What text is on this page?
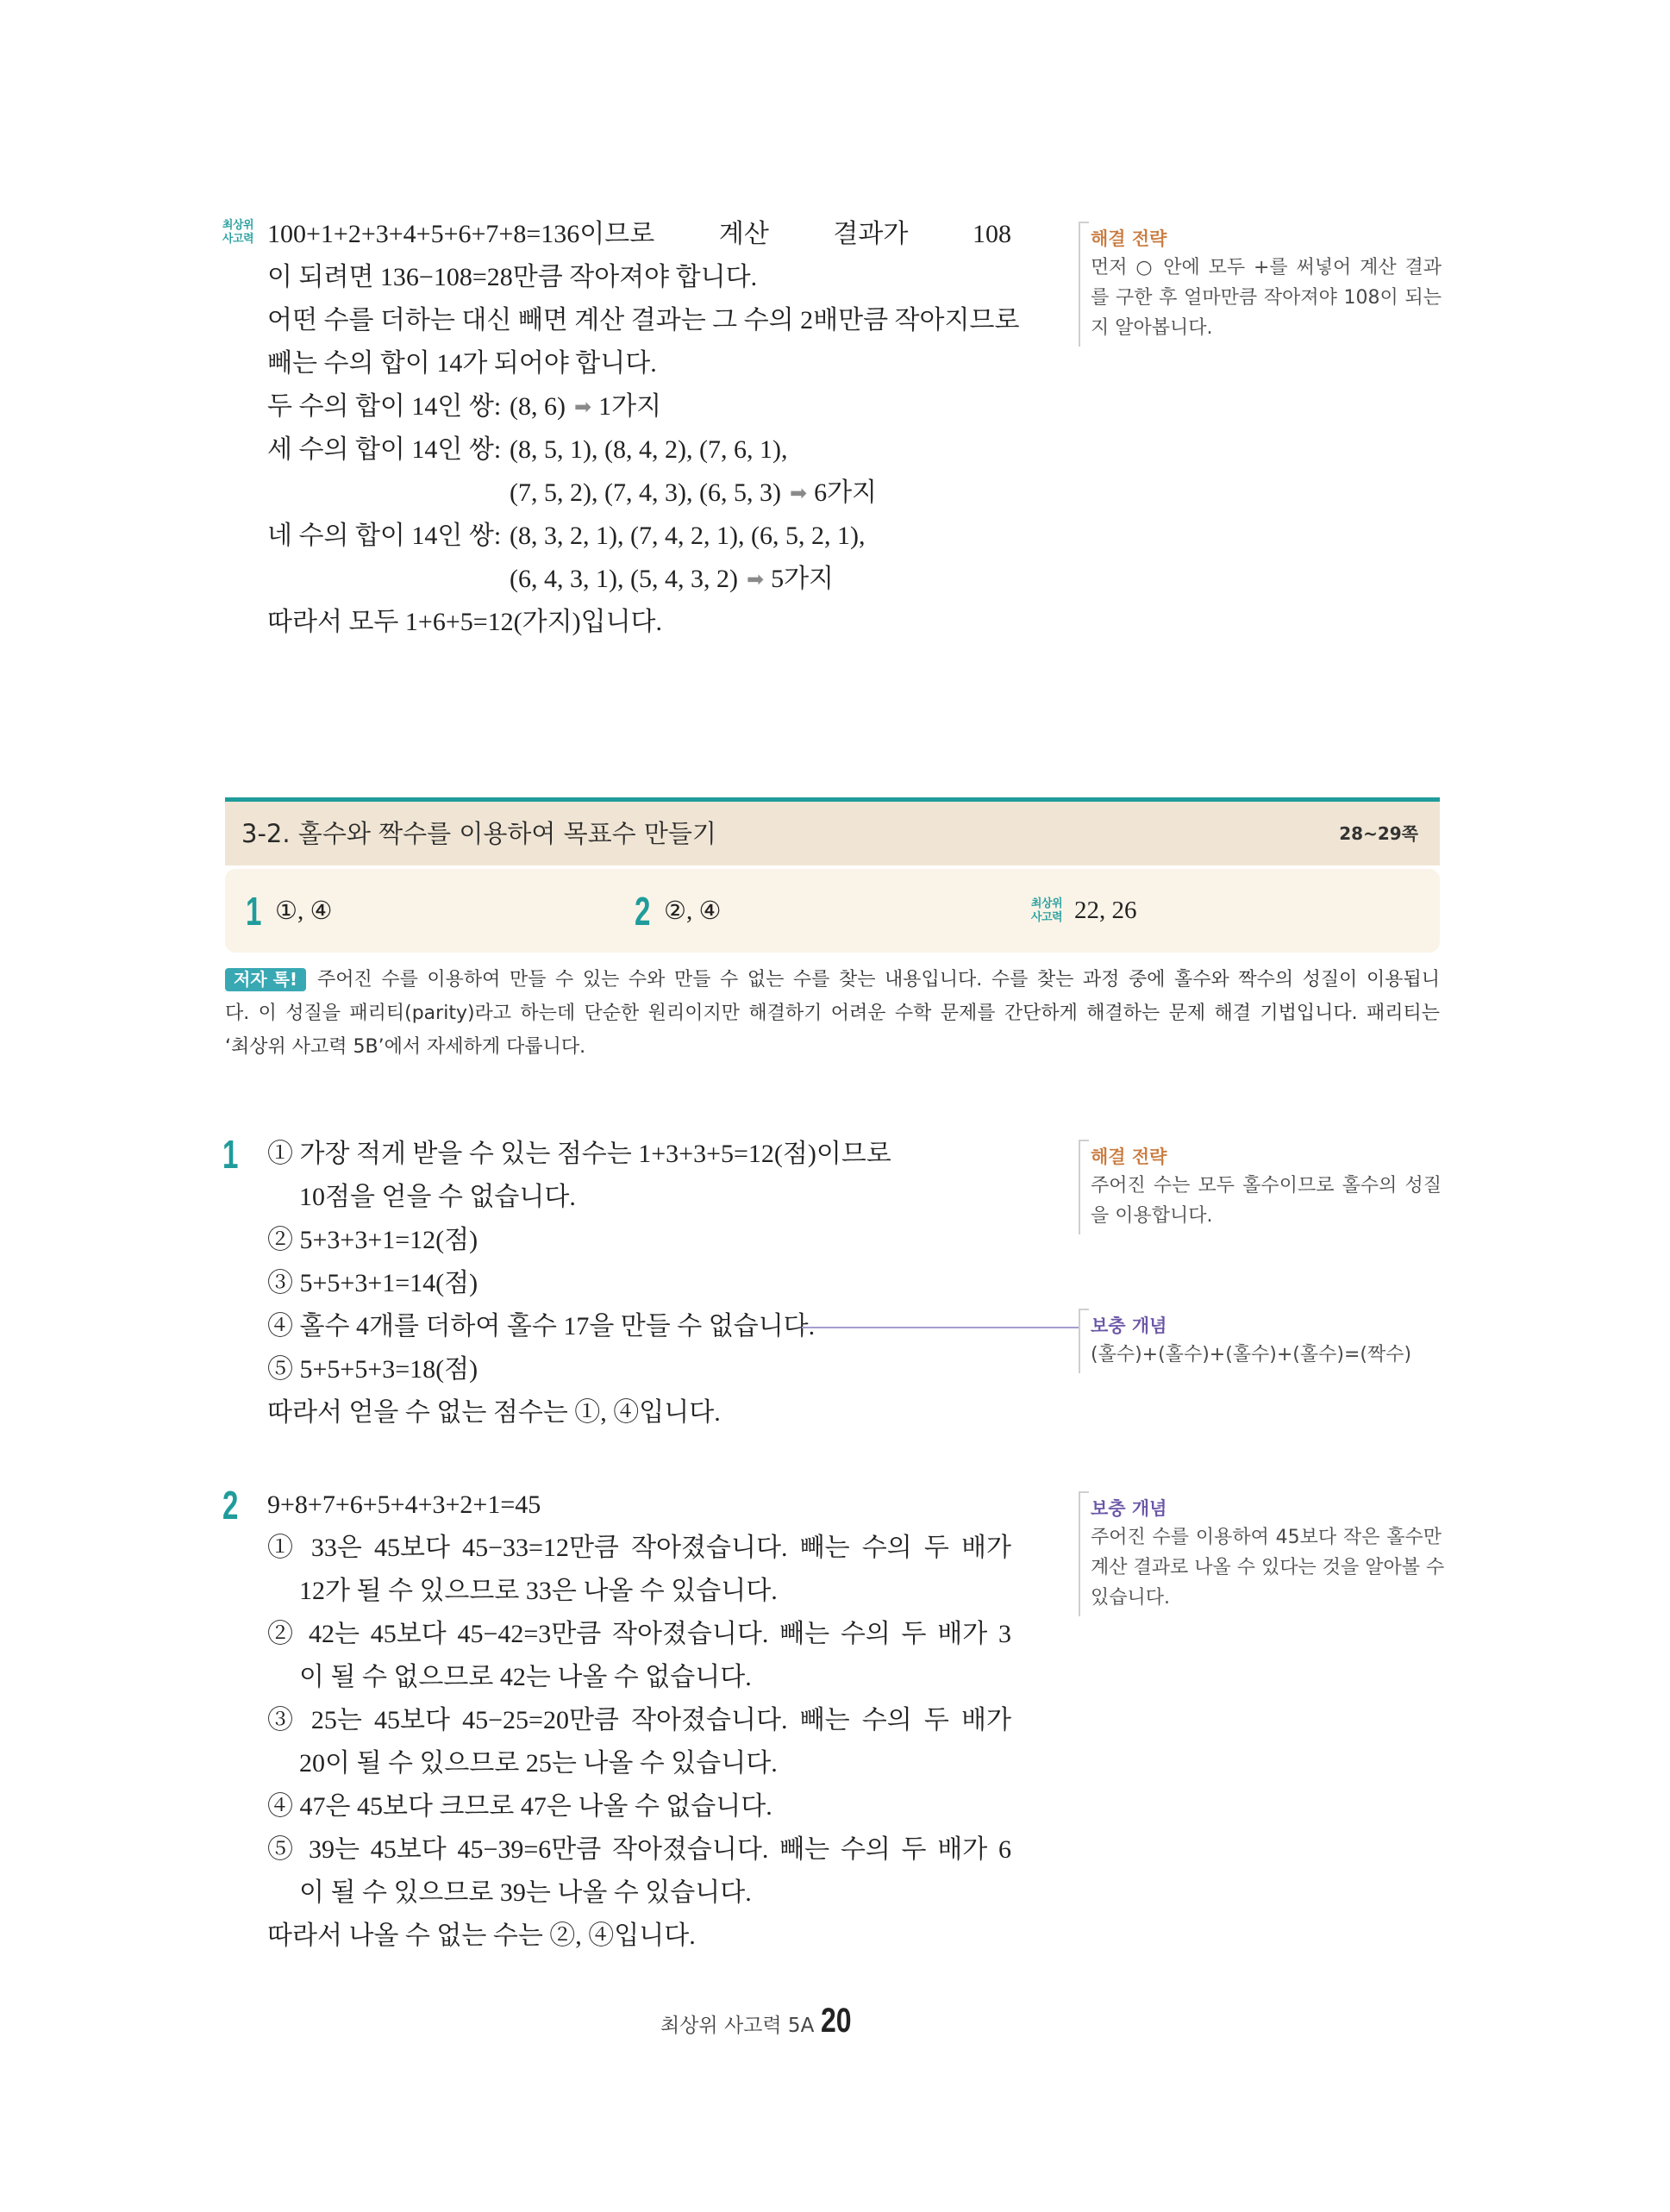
최상위
사고력 100+1+2+3+4+5+6+7+8=136이므로 계산 결과가 108
이 되려면 136−108=28만큼 작아져야 합니다.
어떤 수를 더하는 대신 빼면 계산 결과는 그 수의 2배만큼 작아지므로
빼는 수의 합이 14가 되어야 합니다.
두 수의 합이 14인 쌍: (8, 6) ➡ 1가지
세 수의 합이 14인 쌍: (8, 5, 1), (8, 4, 2), (7, 6, 1),
(7, 5, 2), (7, 4, 3), (6, 5, 3) ➡ 6가지
네 수의 합이 14인 쌍: (8, 3, 2, 1), (7, 4, 2, 1), (6, 5, 2, 1),
(6, 4, 3, 1), (5, 4, 3, 2) ➡ 5가지
따라서 모두 1+6+5=12(가지)입니다.
해결 전략
먼저 ○ 안에 모두 +를 써넣어 계산 결과
를 구한 후 얼마만큼 작아져야 108이 되는
지 알아봅니다.
3-2. 홀수와 짝수를 이용하여 목표수 만들기	28~29쪽
1 ①, ④	2 ②, ④	최상위
사고력 22, 26
저자 톡! 주어진 수를 이용하여 만들 수 있는 수와 만들 수 없는 수를 찾는 내용입니다. 수를 찾는 과정 중에 홀수와 짝수의 성질이 이용됩니
다. 이 성질을 패리티(parity)라고 하는데 단순한 원리이지만 해결하기 어려운 수학 문제를 간단하게 해결하는 문제 해결 기법입니다. 패리티는
‘최상위 사고력 5B’에서 자세하게 다룹니다.
1 ① 가장 적게 받을 수 있는 점수는 1+3+3+5=12(점)이므로
10점을 얻을 수 없습니다.
② 5+3+3+1=12(점)
③ 5+5+3+1=14(점)
④ 홀수 4개를 더하여 홀수 17을 만들 수 없습니다.
⑤ 5+5+5+3=18(점)
따라서 얻을 수 없는 점수는 ①, ④입니다.
해결 전략
주어진 수는 모두 홀수이므로 홀수의 성질
을 이용합니다.
보충 개념
(홀수)+(홀수)+(홀수)+(홀수)=(짝수)
2 9+8+7+6+5+4+3+2+1=45
① 33은 45보다 45−33=12만큼 작아졌습니다. 빼는 수의 두 배가
12가 될 수 있으므로 33은 나올 수 있습니다.
② 42는 45보다 45−42=3만큼 작아졌습니다. 빼는 수의 두 배가 3
이 될 수 없으므로 42는 나올 수 없습니다.
③ 25는 45보다 45−25=20만큼 작아졌습니다. 빼는 수의 두 배가
20이 될 수 있으므로 25는 나올 수 있습니다.
④ 47은 45보다 크므로 47은 나올 수 없습니다.
⑤ 39는 45보다 45−39=6만큼 작아졌습니다. 빼는 수의 두 배가 6
이 될 수 있으므로 39는 나올 수 있습니다.
따라서 나올 수 없는 수는 ②, ④입니다.
보충 개념
주어진 수를 이용하여 45보다 작은 홀수만
계산 결과로 나올 수 있다는 것을 알아볼 수
있습니다.
최상위 사고력 5A 20
